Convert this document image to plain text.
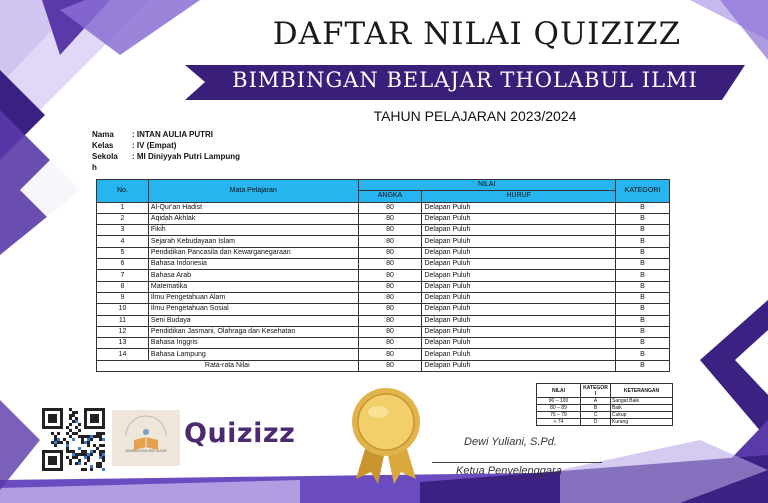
DAFTAR NILAI QUIZIZZ
BIMBINGAN BELAJAR THOLABUL ILMI
TAHUN PELAJARAN 2023/2024
Nama	: INTAN AULIA PUTRI
Kelas	: IV (Empat)
Sekola	: MI Diniyyah Putri Lampung
h
No.	Mata Pelajaran	NILAI		KATEGORI
		ANGKA	HURUF	
1	Al-Qur'an Hadist	80	Delapan Puluh	B
2	Aqidah Akhlak	80	Delapan Puluh	B
3	Fikih	80	Delapan Puluh	B
4	Sejarah Kebudayaan Islam	80	Delapan Puluh	B
5	Pendidikan Pancasila dan Kewarganegaraan	80	Delapan Puluh	B
6	Bahasa Indonesia	80	Delapan Puluh	B
7	Bahasa Arab	80	Delapan Puluh	B
8	Matematika	80	Delapan Puluh	B
9	Ilmu Pengetahuan Alam	80	Delapan Puluh	B
10	Ilmu Pengetahuan Sosial	80	Delapan Puluh	B
11	Seni Budaya	80	Delapan Puluh	B
12	Pendidikan Jasmani, Olahraga dan Kesehatan	80	Delapan Puluh	B
13	Bahasa Inggris	80	Delapan Puluh	B
14	Bahasa Lampung	80	Delapan Puluh	B
Rata-rata Nilai		80	Delapan Puluh	B
NILAI	KATEGOR I	KETERANGAN
90 – 100	A	Sangat Baik
80 – 89	B	Baik
75 – 79	C	Cukup
< 74	D	Kurang
BIMBINGAN BELAJAR
Quizizz	Dewi Yuliani, S.Pd.
Ketua Penyelenggara
